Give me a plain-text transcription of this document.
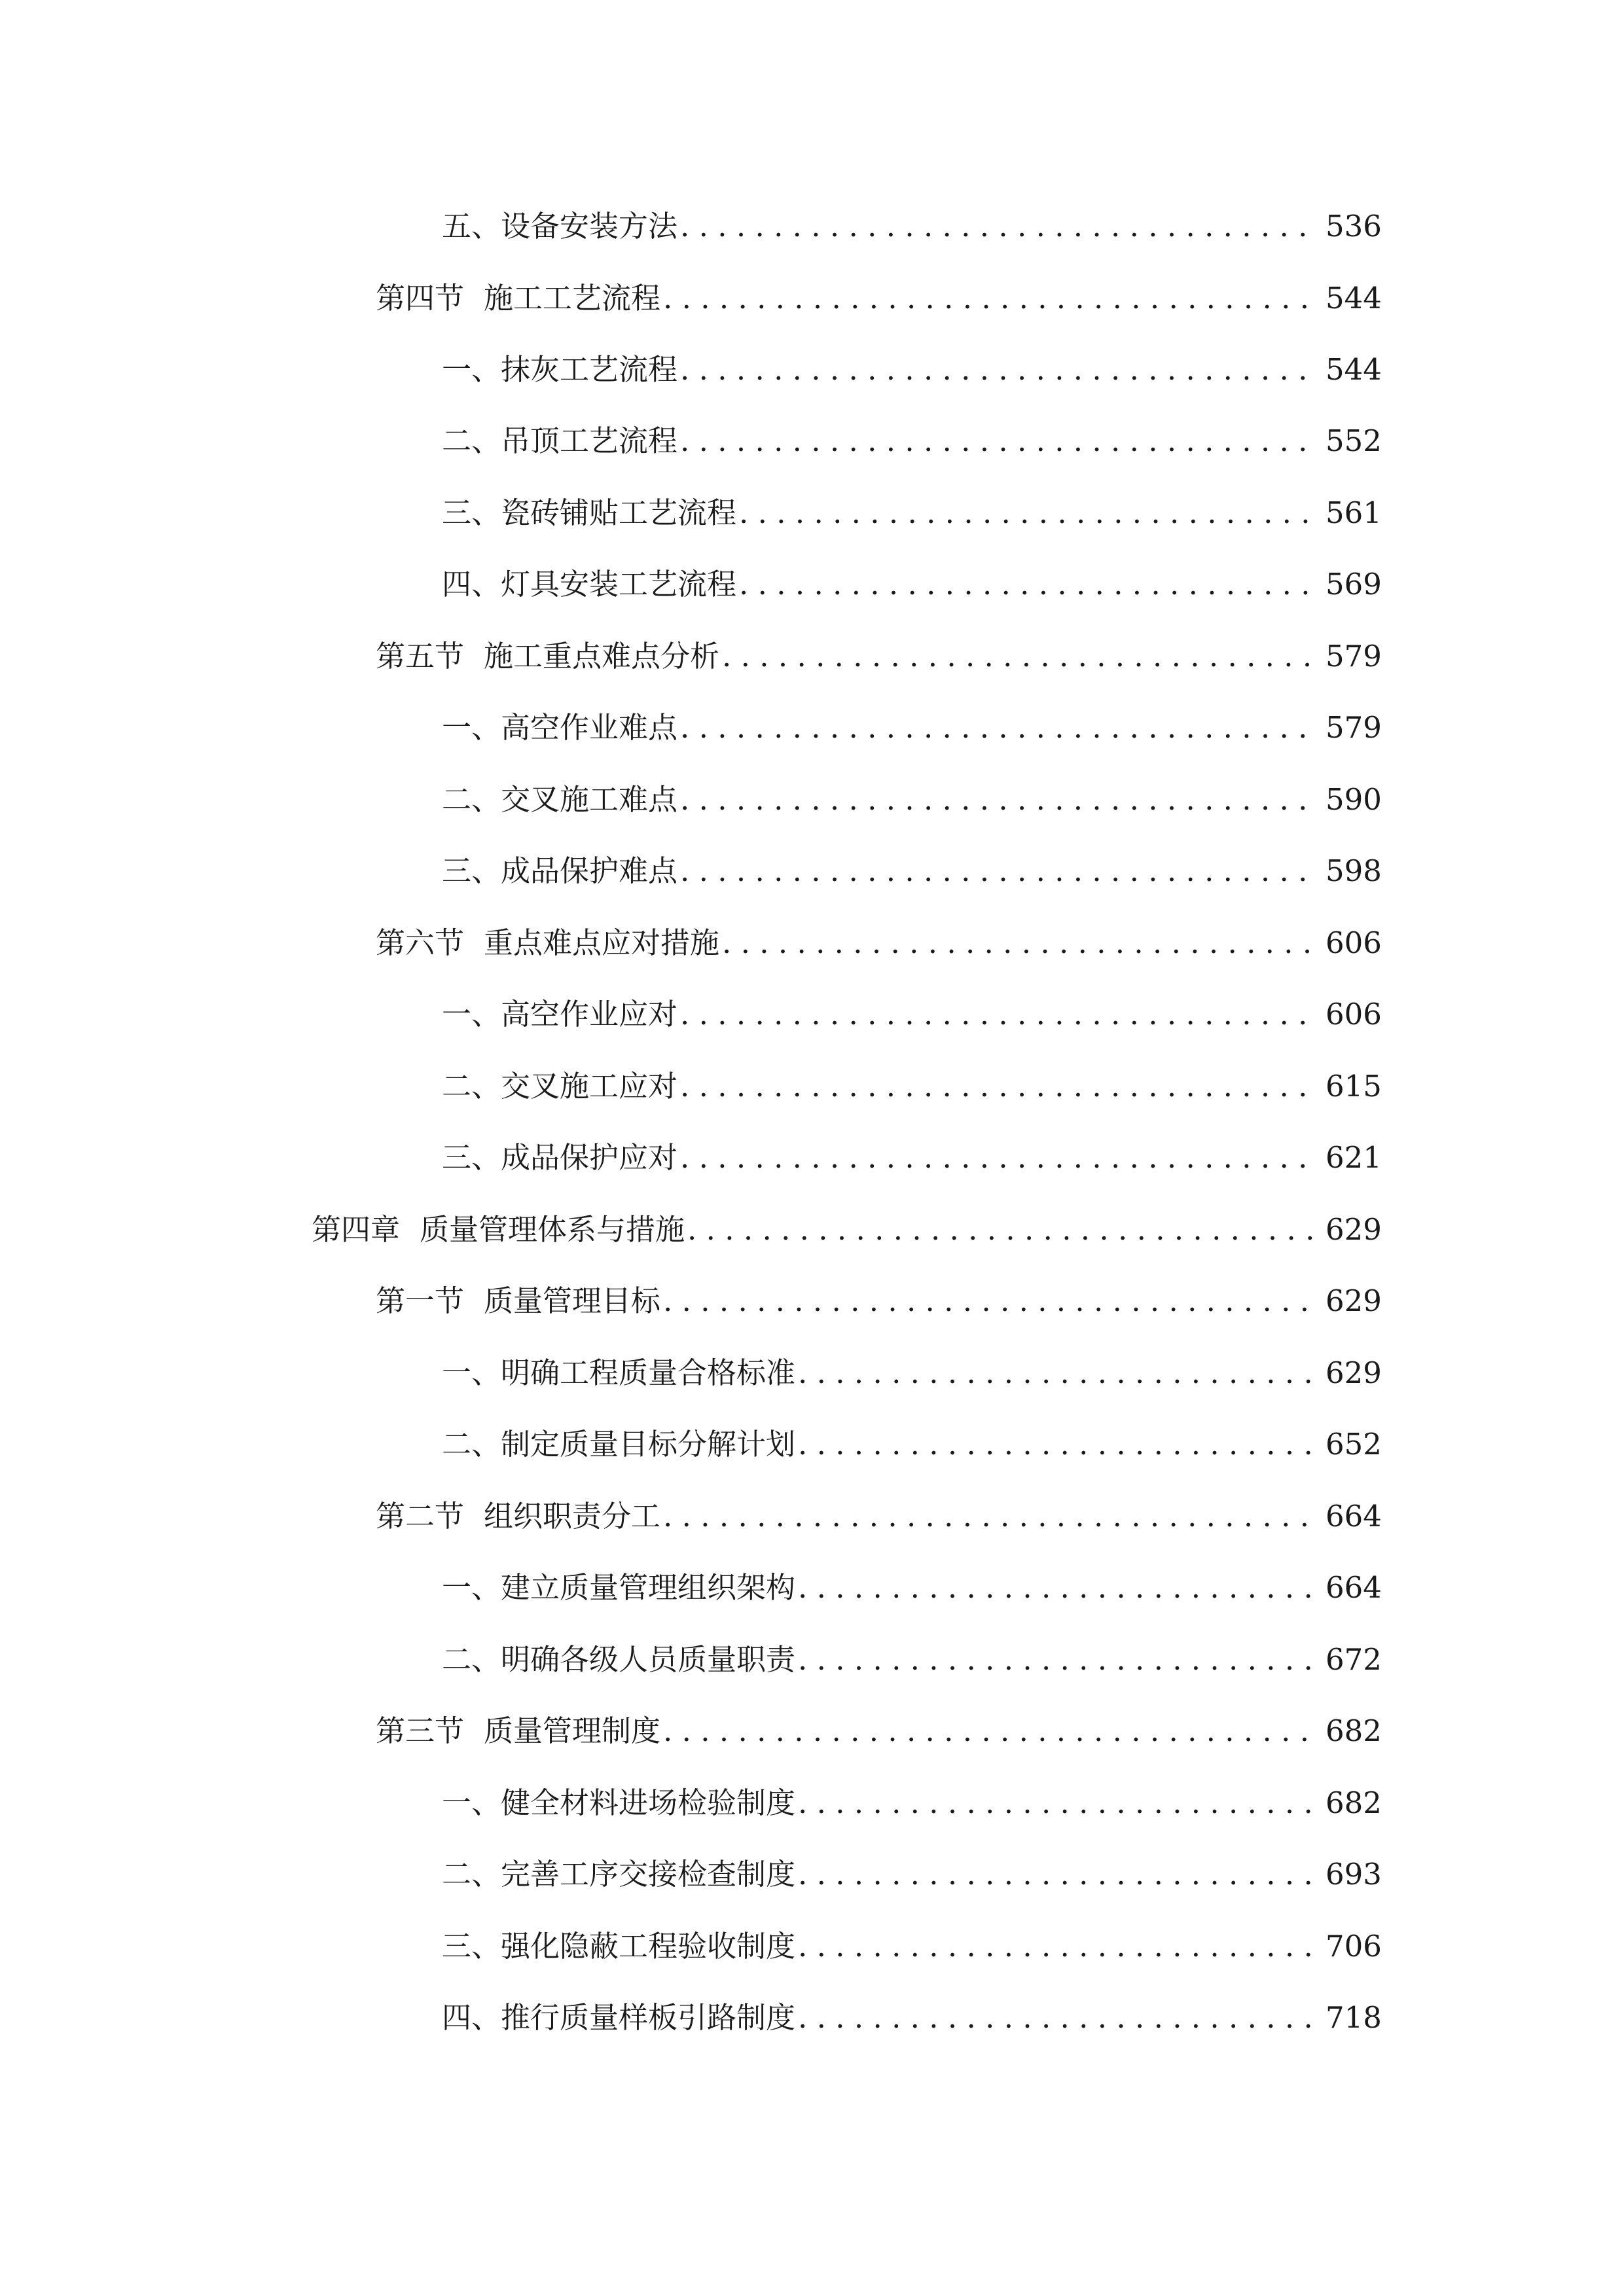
五、 设备安装方法 . . .	536
第四节 施工工艺流程 . . .	544
一、 抹灰工艺流程 . . .	544
二、 吊顶工艺流程 . . .	552
三、 瓷砖铺贴工艺流程 . . .	561
四、 灯具安装工艺流程 . . .	569
第五节 施工重点难点分析 . . .	579
一、 高空作业难点 . . .	579
二、 交叉施工难点 . . .	590
三、 成品保护难点 . . .	598
第六节 重点难点应对措施 . . .	606
一、 高空作业应对 . . .	606
二、 交叉施工应对 . . .	615
三、 成品保护应对 . . .	621
第四章 质量管理体系与措施 . . .	629
第一节 质量管理目标 . . .	629
一、 明确工程质量合格标准 . . .	629
二、 制定质量目标分解计划 . . .	652
第二节 组织职责分工 . . .	664
一、 建立质量管理组织架构 . . .	664
二、 明确各级人员质量职责 . . .	672
第三节 质量管理制度 . . .	682
一、 健全材料进场检验制度 . . .	682
二、 完善工序交接检查制度 . . .	693
三、 强化隐蔽工程验收制度 . . .	706
四、 推行质量样板引路制度 . . .	718
